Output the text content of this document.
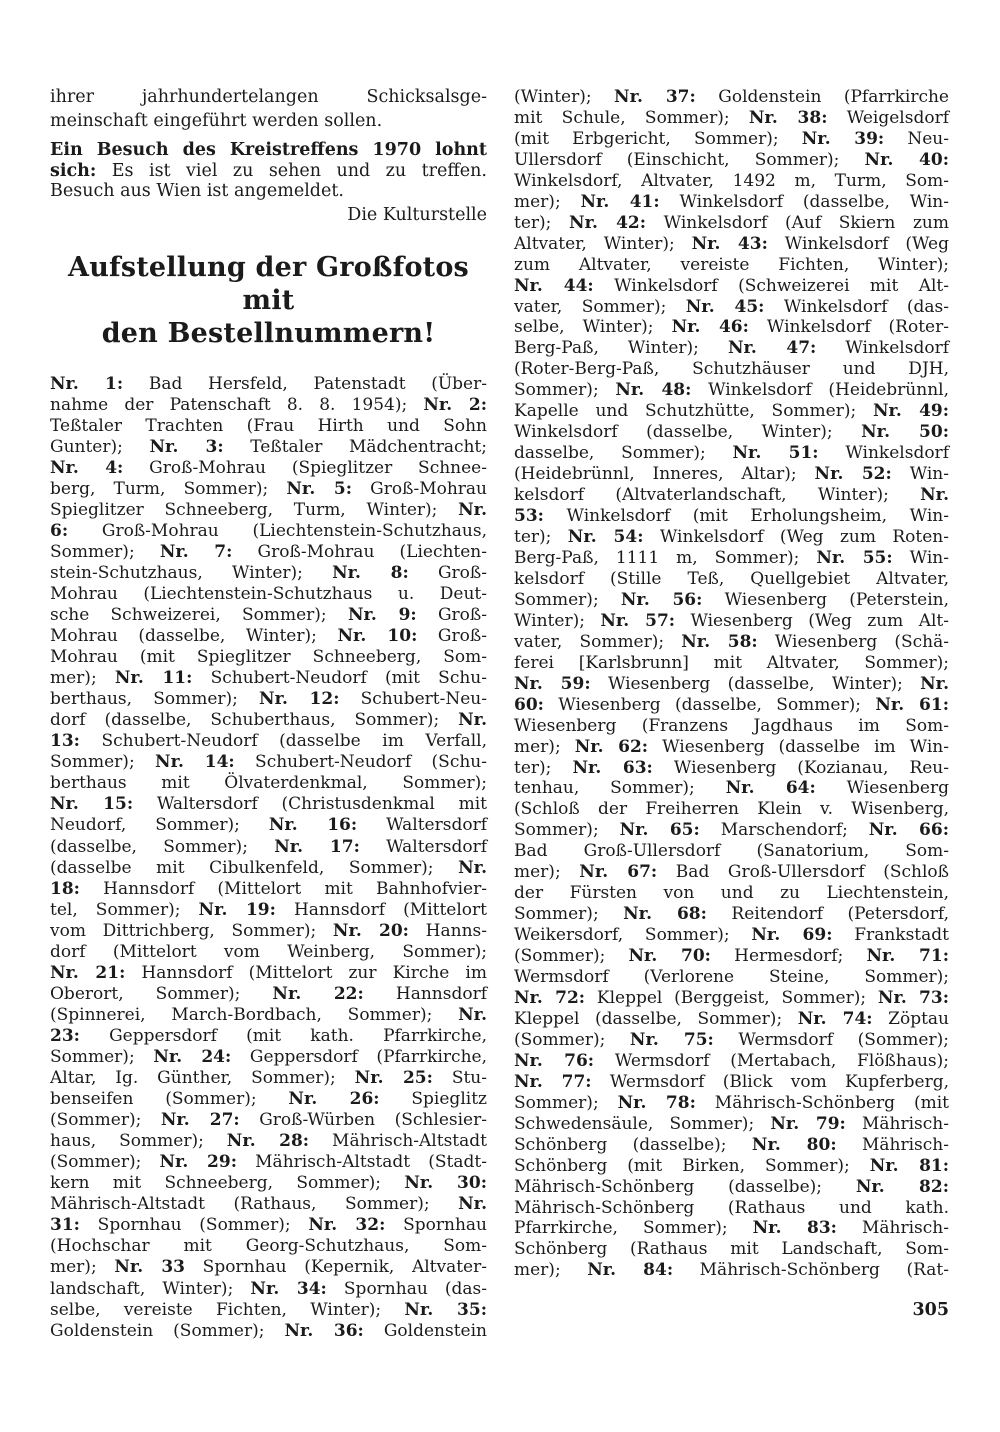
ihrer jahrhundertelangen Schicksalsge-
meinschaft eingeführt werden sollen.
Ein Besuch des Kreistreffens 1970 lohnt
sich: Es ist viel zu sehen und zu treffen.
Besuch aus Wien ist angemeldet.
Die Kulturstelle
Aufstellung der Großfotos mit
den Bestellnummern!
Nr. 1: Bad Hersfeld, Patenstadt (Über-
nahme der Patenschaft 8. 8. 1954); Nr. 2:
Teßtaler Trachten (Frau Hirth und Sohn
Gunter); Nr. 3: Teßtaler Mädchentracht;
Nr. 4: Groß-Mohrau (Spieglitzer Schnee-
berg, Turm, Sommer); Nr. 5: Groß-Mohrau
Spieglitzer Schneeberg, Turm, Winter); Nr.
6: Groß-Mohrau (Liechtenstein-Schutzhaus,
Sommer); Nr. 7: Groß-Mohrau (Liechten-
stein-Schutzhaus, Winter); Nr. 8: Groß-
Mohrau (Liechtenstein-Schutzhaus u. Deut-
sche Schweizerei, Sommer); Nr. 9: Groß-
Mohrau (dasselbe, Winter); Nr. 10: Groß-
Mohrau (mit Spieglitzer Schneeberg, Som-
mer); Nr. 11: Schubert-Neudorf (mit Schu-
berthaus, Sommer); Nr. 12: Schubert-Neu-
dorf (dasselbe, Schuberthaus, Sommer); Nr.
13: Schubert-Neudorf (dasselbe im Verfall,
Sommer); Nr. 14: Schubert-Neudorf (Schu-
berthaus mit Ölvaterdenkmal, Sommer);
Nr. 15: Waltersdorf (Christusdenkmal mit
Neudorf, Sommer); Nr. 16: Waltersdorf
(dasselbe, Sommer); Nr. 17: Waltersdorf
(dasselbe mit Cibulkenfeld, Sommer); Nr.
18: Hannsdorf (Mittelort mit Bahnhofvier-
tel, Sommer); Nr. 19: Hannsdorf (Mittelort
vom Dittrichberg, Sommer); Nr. 20: Hanns-
dorf (Mittelort vom Weinberg, Sommer);
Nr. 21: Hannsdorf (Mittelort zur Kirche im
Oberort, Sommer); Nr. 22: Hannsdorf
(Spinnerei, March-Bordbach, Sommer); Nr.
23: Geppersdorf (mit kath. Pfarrkirche,
Sommer); Nr. 24: Geppersdorf (Pfarrkirche,
Altar, Ig. Günther, Sommer); Nr. 25: Stu-
benseifen (Sommer); Nr. 26: Spieglitz
(Sommer); Nr. 27: Groß-Würben (Schlesier-
haus, Sommer); Nr. 28: Mährisch-Altstadt
(Sommer); Nr. 29: Mährisch-Altstadt (Stadt-
kern mit Schneeberg, Sommer); Nr. 30:
Mährisch-Altstadt (Rathaus, Sommer); Nr.
31: Spornhau (Sommer); Nr. 32: Spornhau
(Hochschar mit Georg-Schutzhaus, Som-
mer); Nr. 33 Spornhau (Kepernik, Altvater-
landschaft, Winter); Nr. 34: Spornhau (das-
selbe, vereiste Fichten, Winter); Nr. 35:
Goldenstein (Sommer); Nr. 36: Goldenstein
(Winter); Nr. 37: Goldenstein (Pfarrkirche
mit Schule, Sommer); Nr. 38: Weigelsdorf
(mit Erbgericht, Sommer); Nr. 39: Neu-
Ullersdorf (Einschicht, Sommer); Nr. 40:
Winkelsdorf, Altvater, 1492 m, Turm, Som-
mer); Nr. 41: Winkelsdorf (dasselbe, Win-
ter); Nr. 42: Winkelsdorf (Auf Skiern zum
Altvater, Winter); Nr. 43: Winkelsdorf (Weg
zum Altvater, vereiste Fichten, Winter);
Nr. 44: Winkelsdorf (Schweizerei mit Alt-
vater, Sommer); Nr. 45: Winkelsdorf (das-
selbe, Winter); Nr. 46: Winkelsdorf (Roter-
Berg-Paß, Winter); Nr. 47: Winkelsdorf
(Roter-Berg-Paß, Schutzhäuser und DJH,
Sommer); Nr. 48: Winkelsdorf (Heidebrünnl,
Kapelle und Schutzhütte, Sommer); Nr. 49:
Winkelsdorf (dasselbe, Winter); Nr. 50:
dasselbe, Sommer); Nr. 51: Winkelsdorf
(Heidebrünnl, Inneres, Altar); Nr. 52: Win-
kelsdorf (Altvaterlandschaft, Winter); Nr.
53: Winkelsdorf (mit Erholungsheim, Win-
ter); Nr. 54: Winkelsdorf (Weg zum Roten-
Berg-Paß, 1111 m, Sommer); Nr. 55: Win-
kelsdorf (Stille Teß, Quellgebiet Altvater,
Sommer); Nr. 56: Wiesenberg (Peterstein,
Winter); Nr. 57: Wiesenberg (Weg zum Alt-
vater, Sommer); Nr. 58: Wiesenberg (Schä-
ferei [Karlsbrunn] mit Altvater, Sommer);
Nr. 59: Wiesenberg (dasselbe, Winter); Nr.
60: Wiesenberg (dasselbe, Sommer); Nr. 61:
Wiesenberg (Franzens Jagdhaus im Som-
mer); Nr. 62: Wiesenberg (dasselbe im Win-
ter); Nr. 63: Wiesenberg (Kozianau, Reu-
tenhau, Sommer); Nr. 64: Wiesenberg
(Schloß der Freiherren Klein v. Wisenberg,
Sommer); Nr. 65: Marschendorf; Nr. 66:
Bad Groß-Ullersdorf (Sanatorium, Som-
mer); Nr. 67: Bad Groß-Ullersdorf (Schloß
der Fürsten von und zu Liechtenstein,
Sommer); Nr. 68: Reitendorf (Petersdorf,
Weikersdorf, Sommer); Nr. 69: Frankstadt
(Sommer); Nr. 70: Hermesdorf; Nr. 71:
Wermsdorf (Verlorene Steine, Sommer);
Nr. 72: Kleppel (Berggeist, Sommer); Nr. 73:
Kleppel (dasselbe, Sommer); Nr. 74: Zöptau
(Sommer); Nr. 75: Wermsdorf (Sommer);
Nr. 76: Wermsdorf (Mertabach, Flößhaus);
Nr. 77: Wermsdorf (Blick vom Kupferberg,
Sommer); Nr. 78: Mährisch-Schönberg (mit
Schwedensäule, Sommer); Nr. 79: Mährisch-
Schönberg (dasselbe); Nr. 80: Mährisch-
Schönberg (mit Birken, Sommer); Nr. 81:
Mährisch-Schönberg (dasselbe); Nr. 82:
Mährisch-Schönberg (Rathaus und kath.
Pfarrkirche, Sommer); Nr. 83: Mährisch-
Schönberg (Rathaus mit Landschaft, Som-
mer); Nr. 84: Mährisch-Schönberg (Rat-
305
